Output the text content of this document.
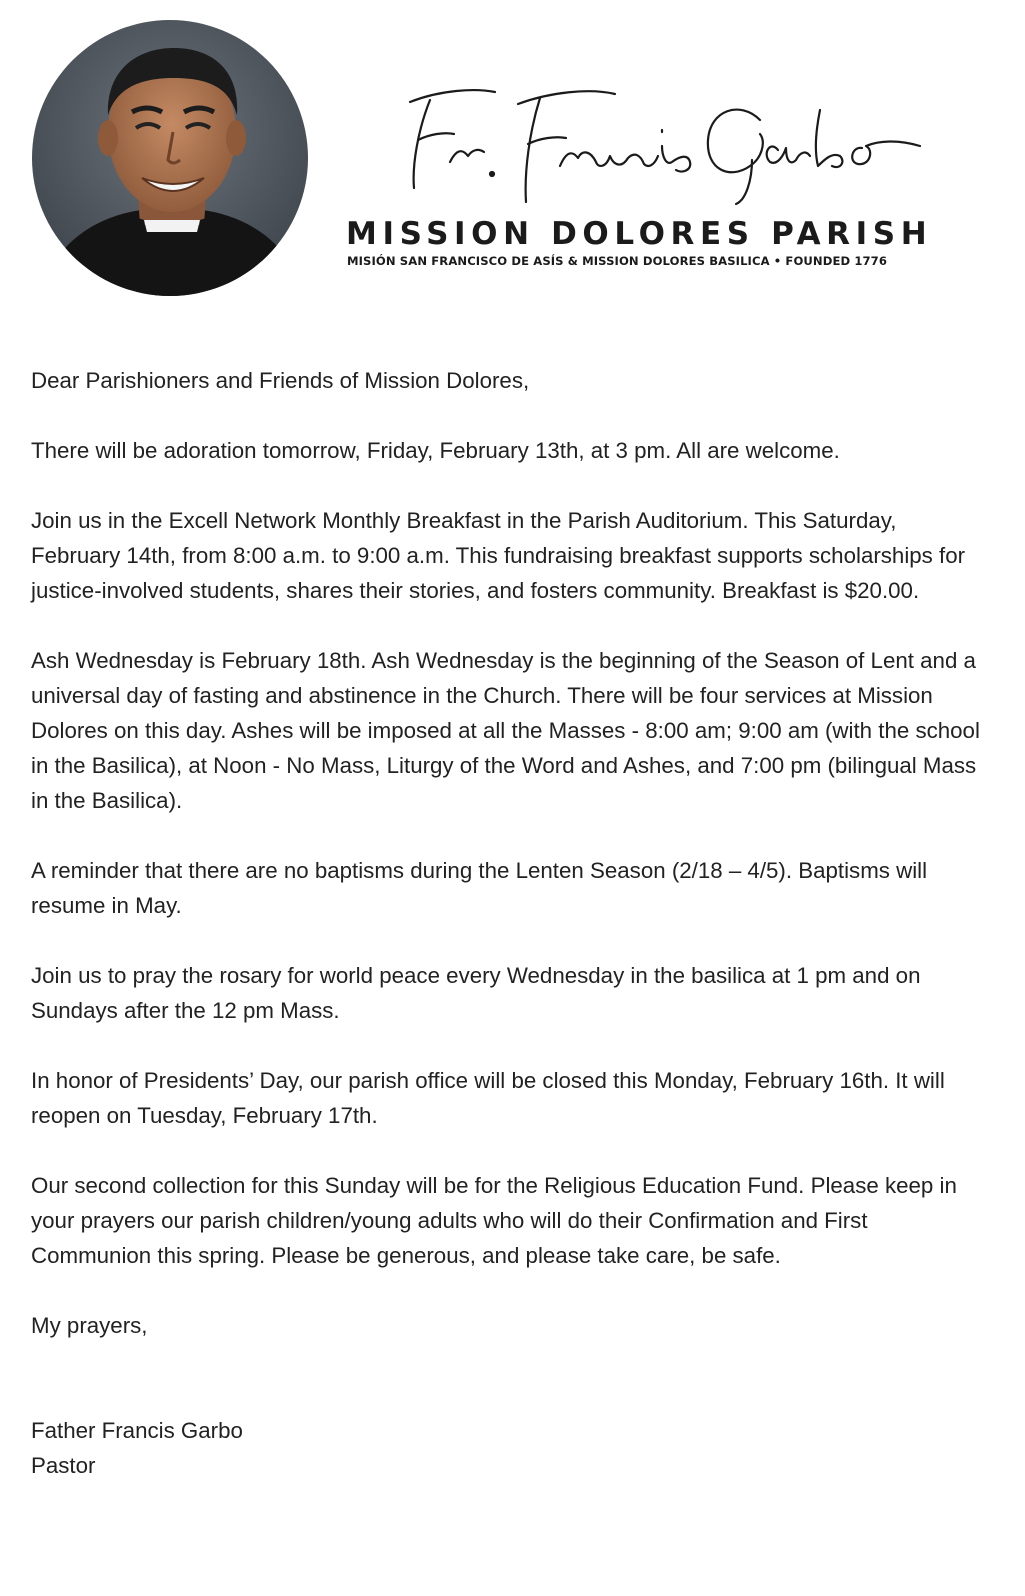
MISSION DOLORES PARISH
MISIÓN SAN FRANCISCO DE ASÍS & MISSION DOLORES BASILICA • FOUNDED 1776

Dear Parishioners and Friends of Mission Dolores,

There will be adoration tomorrow, Friday, February 13th, at 3 pm. All are welcome.

Join us in the Excell Network Monthly Breakfast in the Parish Auditorium. This Saturday, February 14th, from 8:00 a.m. to 9:00 a.m. This fundraising breakfast supports scholarships for justice-involved students, shares their stories, and fosters community. Breakfast is $20.00.

Ash Wednesday is February 18th. Ash Wednesday is the beginning of the Season of Lent and a universal day of fasting and abstinence in the Church. There will be four services at Mission Dolores on this day. Ashes will be imposed at all the Masses - 8:00 am; 9:00 am (with the school in the Basilica), at Noon - No Mass, Liturgy of the Word and Ashes, and 7:00 pm (bilingual Mass in the Basilica).

A reminder that there are no baptisms during the Lenten Season (2/18 – 4/5). Baptisms will resume in May.

Join us to pray the rosary for world peace every Wednesday in the basilica at 1 pm and on Sundays after the 12 pm Mass.

In honor of Presidents’ Day, our parish office will be closed this Monday, February 16th. It will reopen on Tuesday, February 17th.

Our second collection for this Sunday will be for the Religious Education Fund. Please keep in your prayers our parish children/young adults who will do their Confirmation and First Communion this spring. Please be generous, and please take care, be safe.

My prayers,

Father Francis Garbo
Pastor
